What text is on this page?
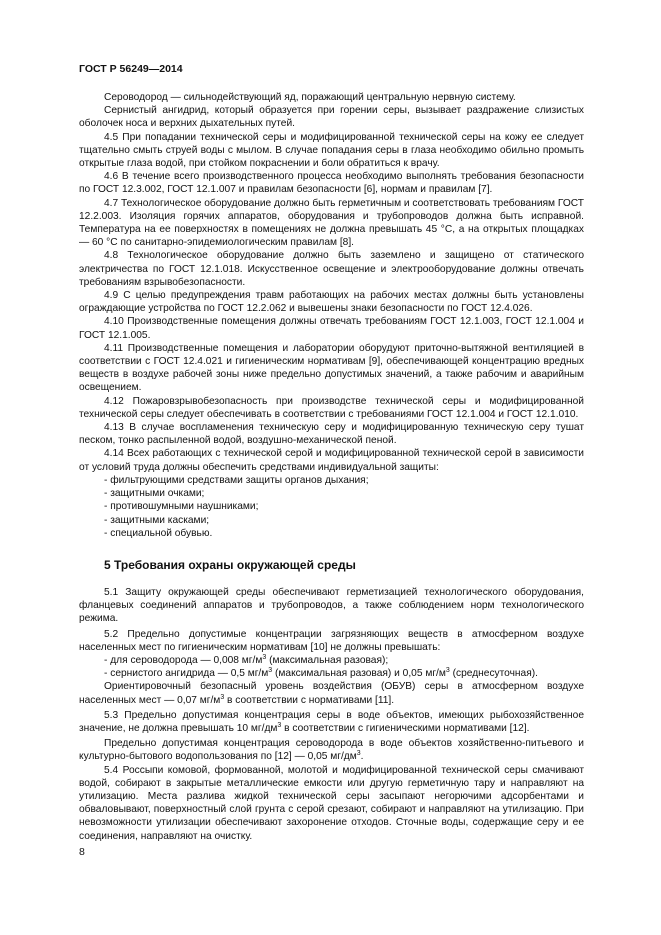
ГОСТ Р 56249—2014

Сероводород — сильнодействующий яд, поражающий центральную нервную систему.

Сернистый ангидрид, который образуется при горении серы, вызывает раздражение слизистых оболочек носа и верхних дыхательных путей.

4.5 При попадании технической серы и модифицированной технической серы на кожу ее следует тщательно смыть струей воды с мылом. В случае попадания серы в глаза необходимо обильно промыть открытые глаза водой, при стойком покраснении и боли обратиться к врачу.

4.6 В течение всего производственного процесса необходимо выполнять требования безопасности по ГОСТ 12.3.002, ГОСТ 12.1.007 и правилам безопасности [6], нормам и правилам [7].

4.7 Технологическое оборудование должно быть герметичным и соответствовать требованиям ГОСТ 12.2.003. Изоляция горячих аппаратов, оборудования и трубопроводов должна быть исправной. Температура на ее поверхностях в помещениях не должна превышать 45 °С, а на открытых площадках — 60 °С по санитарно-эпидемиологическим правилам [8].

4.8 Технологическое оборудование должно быть заземлено и защищено от статического электричества по ГОСТ 12.1.018. Искусственное освещение и электрооборудование должны отвечать требованиям взрывобезопасности.

4.9 С целью предупреждения травм работающих на рабочих местах должны быть установлены ограждающие устройства по ГОСТ 12.2.062 и вывешены знаки безопасности по ГОСТ 12.4.026.

4.10 Производственные помещения должны отвечать требованиям ГОСТ 12.1.003, ГОСТ 12.1.004 и ГОСТ 12.1.005.

4.11 Производственные помещения и лаборатории оборудуют приточно-вытяжной вентиляцией в соответствии с ГОСТ 12.4.021 и гигиеническим нормативам [9], обеспечивающей концентрацию вредных веществ в воздухе рабочей зоны ниже предельно допустимых значений, а также рабочим и аварийным освещением.

4.12 Пожаровзрывобезопасность при производстве технической серы и модифицированной технической серы следует обеспечивать в соответствии с требованиями ГОСТ 12.1.004 и ГОСТ 12.1.010.

4.13 В случае воспламенения техническую серу и модифицированную техническую серу тушат песком, тонко распыленной водой, воздушно-механической пеной.

4.14 Всех работающих с технической серой и модифицированной технической серой в зависимости от условий труда должны обеспечить средствами индивидуальной защиты:

- фильтрующими средствами защиты органов дыхания;

- защитными очками;

- противошумными наушниками;

- защитными касками;

- специальной обувью.

5 Требования охраны окружающей среды

5.1 Защиту окружающей среды обеспечивают герметизацией технологического оборудования, фланцевых соединений аппаратов и трубопроводов, а также соблюдением норм технологического режима.

5.2 Предельно допустимые концентрации загрязняющих веществ в атмосферном воздухе населенных мест по гигиеническим нормативам [10] не должны превышать:

- для сероводорода — 0,008 $мг/м^3$ (максимальная разовая);

- сернистого ангидрида — 0,5 $мг/м^3$ (максимальная разовая) и 0,05 $мг/м^3$ (среднесуточная).

Ориентировочный безопасный уровень воздействия (ОБУВ) серы в атмосферном воздухе населенных мест — 0,07 $мг/м^3$ в соответствии с нормативами [11].

5.3 Предельно допустимая концентрация серы в воде объектов, имеющих рыбохозяйственное значение, не должна превышать 10 $мг/дм^3$ в соответствии с гигиеническими нормативами [12].

Предельно допустимая концентрация сероводорода в воде объектов хозяйственно-питьевого и культурно-бытового водопользования по [12] — 0,05 $мг/дм^3$.

5.4 Россыпи комовой, формованной, молотой и модифицированной технической серы смачивают водой, собирают в закрытые металлические емкости или другую герметичную тару и направляют на утилизацию. Места разлива жидкой технической серы засыпают негорючими адсорбентами и обваловывают, поверхностный слой грунта с серой срезают, собирают и направляют на утилизацию. При невозможности утилизации обеспечивают захоронение отходов. Сточные воды, содержащие серу и ее соединения, направляют на очистку.

8
